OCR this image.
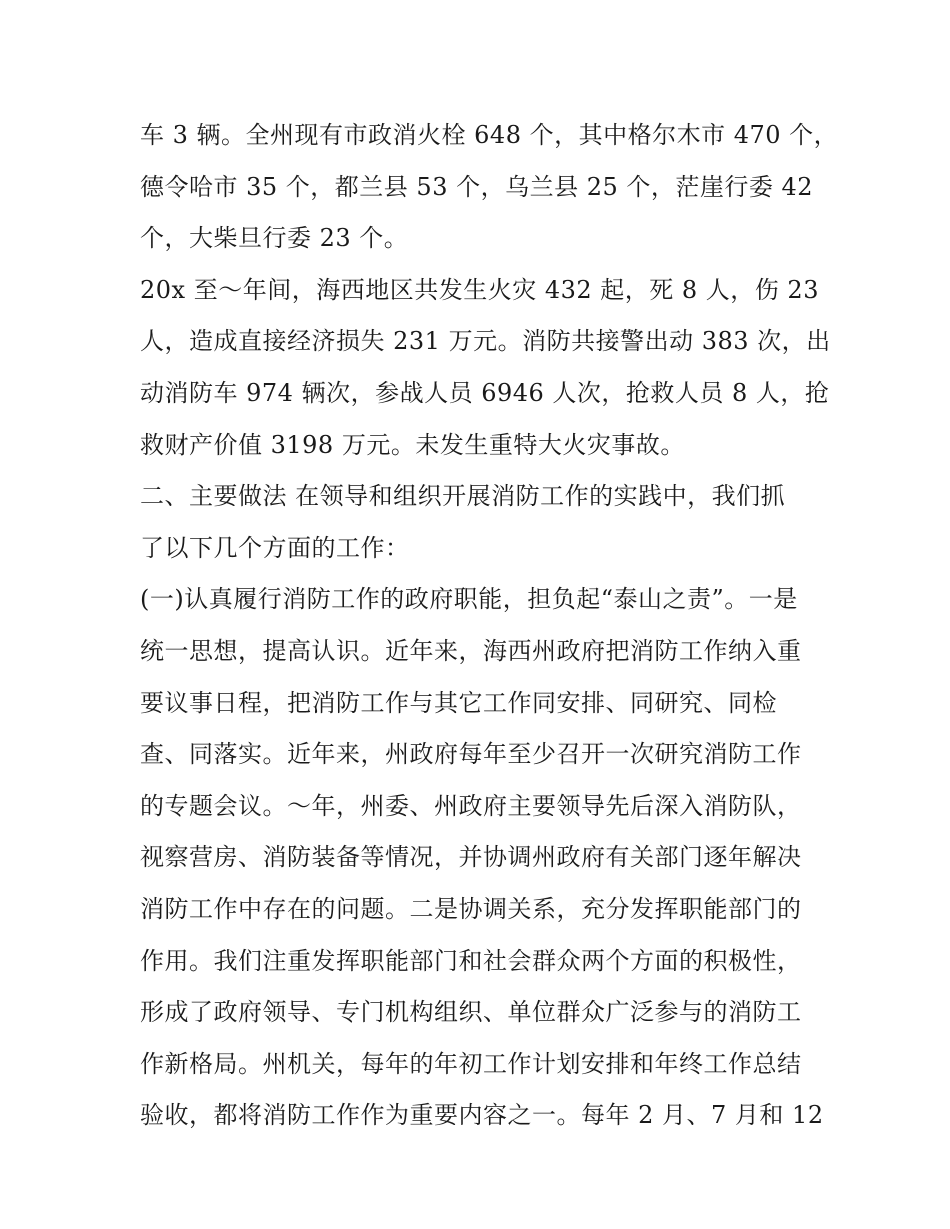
车 3 辆。全州现有市政消火栓 648 个，其中格尔木市 470 个，
德令哈市 35 个，都兰县 53 个，乌兰县 25 个，茫崖行委 42
个，大柴旦行委 23 个。
20x 至～年间，海西地区共发生火灾 432 起，死 8 人，伤 23
人，造成直接经济损失 231 万元。消防共接警出动 383 次，出
动消防车 974 辆次，参战人员 6946 人次，抢救人员 8 人，抢
救财产价值 3198 万元。未发生重特大火灾事故。
二、主要做法 在领导和组织开展消防工作的实践中，我们抓
了以下几个方面的工作：
(一)认真履行消防工作的政府职能，担负起“泰山之责”。一是
统一思想，提高认识。近年来，海西州政府把消防工作纳入重
要议事日程，把消防工作与其它工作同安排、同研究、同检
查、同落实。近年来，州政府每年至少召开一次研究消防工作
的专题会议。～年，州委、州政府主要领导先后深入消防队，
视察营房、消防装备等情况，并协调州政府有关部门逐年解决
消防工作中存在的问题。二是协调关系，充分发挥职能部门的
作用。我们注重发挥职能部门和社会群众两个方面的积极性，
形成了政府领导、专门机构组织、单位群众广泛参与的消防工
作新格局。州机关，每年的年初工作计划安排和年终工作总结
验收，都将消防工作作为重要内容之一。每年 2 月、7 月和 12
